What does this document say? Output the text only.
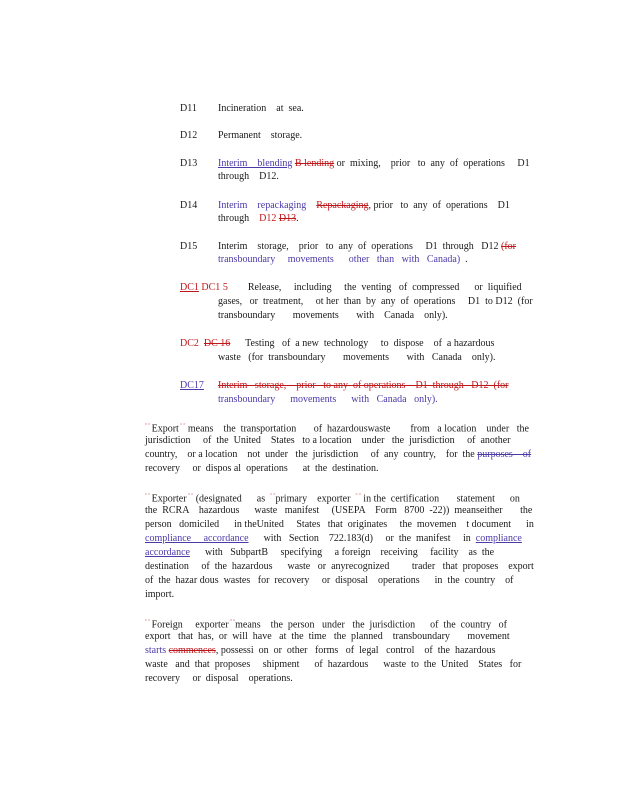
D11 Incineration    at  sea.
D12 Permanent    storage.
D13 Interim    blending B lending or  mixing,    prior   to  any  of  operations     D1
through    D12.
D14 Interim    repackaging Repackaging, prior   to  any  of  operations    D1
through D12 D13.
D15 Interim    storage,    prior   to  any  of  operations     D1  through   D12 (for
transboundary     movements      other   than   with   Canada) .
DC1 DC1 5 Release,     including     the  venting   of  compressed      or  liquified
gases,   or  treatment,     ot her  than  by  any  of  operations     D1  to D12  (for
transboundary       movements       with    Canada    only).
DC2 DC 16 Testing   of  a new  technology     to  dispose    of  a hazardous
waste   (for  transboundary       movements       with   Canada    only).
DC17 Interim   storage,    prior   to any  of operations    D1  through   D12  (for
transboundary      movements      with   Canada   only).
" " Export " " means    the  transportation       of  hazardouswaste        from   a location    under   the
jurisdiction     of  the  United    States   to a location    under   the  jurisdiction     of  another
country,    or a location    not  under   the  jurisdiction     of  any  country,    for  the purposes    of
recovery     or  dispos al  operations      at  the  destination.
" " Exporter " " (designated      as " "primary    exporter " " in the  certification       statement      on
the  RCRA    hazardous      waste   manifest     (USEPA    Form   8700  -22))  meanseither       the
person   domiciled      in theUnited     States   that  originates     the  movemen    t document      in
compliance     accordance with   Section    722.183(d)     or  the  manifest     in compliance
accordance with   SubpartB     specifying     a foreign    receiving     facility    as  the
destination     of  the  hazardous      waste   or  anyrecognized         trader   that  proposes    export
of  the  hazar dous  wastes   for  recovery     or  disposal    operations      in  the  country    of
import.
" " Foreign     exporter " "means    the  person   under   the  jurisdiction      of  the  country   of
export   that  has,  or  will  have   at  the  time   the  planned    transboundary       movement
starts commences, possessi  on  or  other   forms   of  legal   control    of  the  hazardous
waste   and  that  proposes     shipment      of  hazardous      waste  to  the  United    States   for
recovery     or  disposal    operations.
